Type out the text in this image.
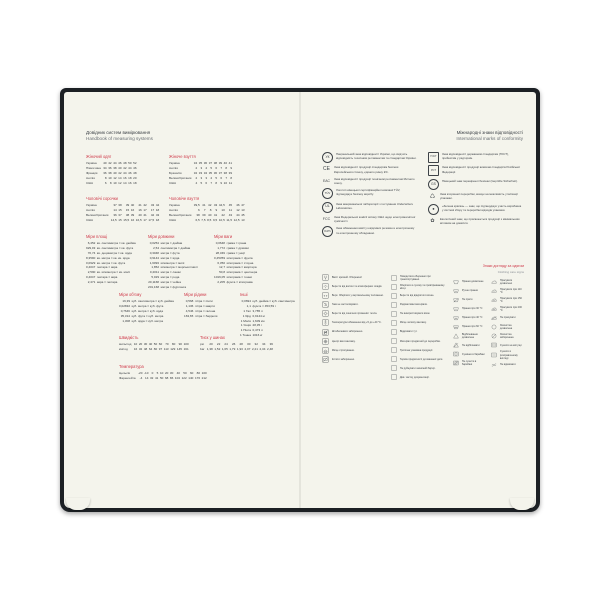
Довідник систем вимірювання
Handbook of measuring systems
Жіночий одяг
Україна	40	42	44	46	48	50	52
Німеччина	34	36	38	40	42	44	46
Франція	36	38	40	42	44	46	48
Англія	8	10	12	14	16	18	20
США	6	8	10	12	14	16	18
Жіноче взуття
Україна	34	35	36	37	38	39	40	41
Англія	2	3	4	5	6	7	8	9
Бразилія	32	33	34	35	36	37	38	39
Великобританія	2	3	3	4	5	6	7	8
США	4	5	6	7	8	9	10	11
Чоловічі сорочки
Україна	37	38	39	40	41	42	43	44
Англія	14	15	15	16	16	17	17	18
Великобританія	36	37	38	39	40	41	42	43
США	14,5	15	15,5	16	16,5	17	17,5	18
Чоловіче взуття
Україна	39,5	41	42	43	44,5	45	46	47
Англія	6	7	8	9	10	11	12	13
Великобританія	38	39	40	41	42	43	44	45
США	6,5	7,5	8,5	9,5	10,5	11,5	12,5	13
Міри площі
6,452	кв. сантиметра = кв. дюйма
929,03	кв. сантиметра = кв. фута
70,74	кв. дециметра = кв. ярда
8,3590	кв. метра = кв. кв. ярда
0,0929	кв. метра = кв. фута
0,4047	гектара = акра
2,590	кв. кілометра = кв. милі
0,4047	гектара = акра
2,471	акра = гектара
Міри довжини
0,0254	метра = дюйма
2,54	сантиметра = дюйма
0,3048	метра = фута
0,9144	метра = ярда
1,6093	кілометра = милі
1,852	кілометра = морської милі
0,2011	метра = ланки
5,029	метра = рода
20,1168	метра = чейна
201,168	метра = фурлонга
Міри ваги
0,0648	грама = грана
1,772	грама = драхми
28,349	грама = унції
0,45359	кілограма = фунта
6,350	кілограма = стоуна
12,7	кілограма = квортера
50,8	кілограма = центнера
1016,05	кілограма = тонни
2,205	фунта = кілограма
Міри об'єму
16,39	куб. сантиметра = куб. дюйма
0,02832	куб. метра = куб. фута
0,7646	куб. метра = куб. ярда
35,314	куб. фута = куб. метра
1,308	куб. ярда = куб. метра
Міри рідини
0,568	літра = пінти
1,136	літра = кварти
4,546	літра = галона
163,65	літра = барреля
Інші
0,0694	куб. дюйма = куб. сантиметра
1,1	фунта = 453,59 г
1 Гал	3,785 л
1 Ярд	0,9144 м
1 Миля	1,609 км
1 Унція	28,35 г
1 Пінта	0,473 л
1 Тонна	1016 кг
Швидкість
миль/год	10	20	30	40	50	60	70	80	90	100
км/год	16	32	48	64	80	97	113	129	145	161
Тиск у шинах
psi	20	22	24	26	28	30	32	34	36
bar	1,38	1,52	1,65	1,79	1,93	2,07	2,21	2,34	2,48
Температура
Цельсія	-20	-10	0	5	10	20	30	40	50	60	80	100
Фаренгейта	-4	14	32	41	50	68	86	104	122	140	176	212
Міжнародні знаки відповідності
International marks of conformity
УК
Національний знак відповідності України, що свідчить відповідність технічним регламентам та стандартам України.
CE Знак відповідності продукції стандартам безпеки Європейського Союзу, єдиного ринку ЄС.
EAC Знак відповідності продукції технічним регламентам Митного союзу.
TÜV
Логотип німецької сертифікаційної компанії TÜV, підтверджує безпеку виробу.
UL
Знак американської лабораторії з тестування Underwriters Laboratories.
FCC Знак Федеральної комісії зв'язку США щодо електромагнітної сумісності.
RoHS
Знак обмеження вмісту шкідливих речовин в електричному та електронному обладнанні.
ГОСТ
Знак відповідності державним стандартам (ГОСТ), прийнятим у ряді країн.
РСТ
Знак відповідності продукції вимогам стандартів Російської Федерації.
GS
Німецький знак перевіреної безпеки (Geprüfte Sicherheit).
♺ Знак вторинної переробки, вказує на можливість утилізації упаковки.
●
«Зелена крапка» — знак, що підтверджує участь виробника у системі збору та переробки відходів упаковки.
✿ Екологічний знак, що присвоюється продукції з мінімальним впливом на довкілля.
Вміст крихкий. Обережно!
Берегти від вологи та атмосферних опадів.
Верх. Зберігати у вертикальному положенні.
Гаки не застосовувати.
Берегти від сонячних променів і тепла.
Температурні обмеження від +5 до +40 °C.
Штабелювати заборонено.
Центр ваги вантажу.
Місце стропування.
Котити заборонено.
Поводитися обережно при транспортуванні.
Зберігати в сухому та провітрюваному місці.
Берегти від відкритого вогню.
Радіоактивні матеріали.
Не використовувати візок.
Місце затиску вантажу.
Відкривати тут.
Матеріал придатний до переробки.
Тропічна упаковка продукції.
Термін придатності до вказаної дати.
Не руйнувати захисний бар'єр.
Див. частку документації.
Знаки догляду за одягом
Clothing care signs
Прання дозволене
Ручне прання
Не прати
Прання при 30 °C
Прання при 40 °C
Прання при 60 °C
Відбілювання дозволене
Не відбілювати
Сушіння в барабані
Не сушити в барабані
Прасувати дозволено
Прасувати при 110 °C
Прасувати при 150 °C
Прасувати при 200 °C
Не прасувати
Хімчистка дозволена
Хімчистка заборонена
Сушити на мотузці
Сушити в розправленому вигляді
Не віджимати
